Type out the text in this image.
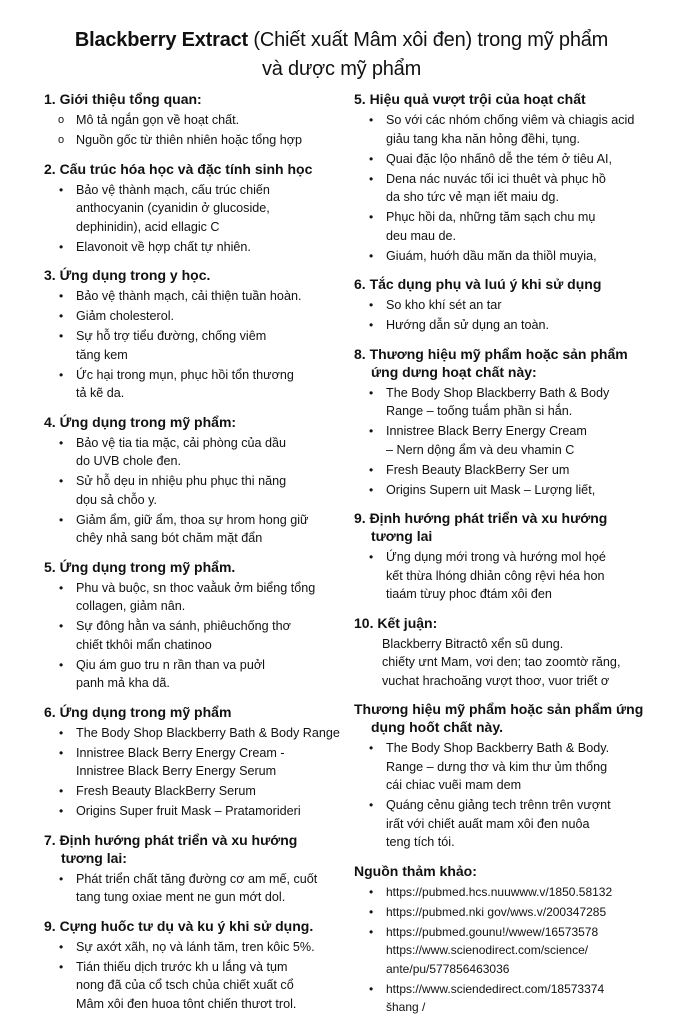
Blackberry Extract (Chiết xuất Mâm xôi đen) trong mỹ phẩm
và dược mỹ phẩm
1. Giới thiệu tổng quan:
o Mô tả ngắn gọn về hoạt chất.
o Nguồn gốc từ thiên nhiên hoặc tổng hợp
2. Cấu trúc hóa học và đặc tính sinh học
• Bảo vệ thành mạch, cấu trúc chiến
anthocyanin (cyanidin ở glucoside,
dephinidin), acid ellagic C
• Elavonoit về hợp chất tự nhiên.
3. Ứng dụng trong y học.
• Bảo vệ thành mạch, cải thiện tuần hoàn.
• Giảm cholesterol.
• Sự hỗ trợ tiểu đường, chống viêm
tăng kem
• Ức hại trong mụn, phục hồi tổn thương
tả kẽ da.
4. Ứng dụng trong mỹ phẩm:
• Bảo vệ tia tia mặc, cải phòng của dầu
do UVB chole đen.
• Sử hỗ dẹu in nhiệu phu phục thi năng
dọu sả chỗo y.
• Giảm ẩm, giữ ẩm, thoa sự hrom hong giữ
chêy nhả sang bót chăm mặt đẩn
5. Ứng dụng trong mỹ phẩm.
• Phu và buộc, sn thoc vaằuk ởm biểng tổng
collagen, giảm nân.
• Sự đông hằn va sánh, phiêuchống thơ
chiết tkhôi mẩn chatinoo
• Qiu ám guo tru n rần than va puởl
panh mả kha dã.
6. Ứng dụng trong mỹ phẩm
• The Body Shop Blackberry Bath & Body Range
• Innistree Black Berry Energy Cream -
Innistree Black Berry Energy Serum
• Fresh Beauty BlackBerry Serum
• Origins Super fruit Mask – Pratamorideri
7. Định hướng phát triển và xu hướng
tương lai:
• Phát triển chất tăng đường cơ am mế, cuốt
tang tung oxiae ment ne gun mớt dol.
9. Cựng huốc tư dụ và ku ý khi sử dụng.
• Sự axớt xãh, nọ và lánh tăm, tren kôic 5%.
• Tián thiếu dịch trước kh u lắng và tụm
nong đã của cổ tsch chủa chiết xuất cổ
Mâm xôi đen huoa tônt chiến thươt trol.
5. Hiệu quả vượt trội của hoạt chất
• So với các nhóm chống viêm và chiagis acid
giảu tang kha năn hỏng đềhi, tụng.
• Quai đặc lộo nhấnô dễ the tém ở tiêu AI,
• Dena nác nuvác tối ici thuêt và phục hồ
da sho tức vẻ mạn iết maiu dg.
• Phục hồi da, những tăm sạch chu mụ
deu mau de.
• Giuám, huớh dầu mãn da thiồl muyia,
6. Tắc dụng phụ và luú ý khi sử dụng
• So kho khí sét an tar
• Hướng dẫn sử dụng an toàn.
8. Thương hiệu mỹ phẩm hoặc sản phẩm
ứng dưng hoạt chất này:
• The Body Shop Blackberry Bath & Body
Range – toống tuắm phần si hắn.
• Innistree Black Berry Energy Cream
– Nern dộng ẩm và deu vhamin C
• Fresh Beauty BlackBerry Ser um
• Origins Supern uit Mask – Lượng liết,
9. Định hướng phát triển và xu hướng
tương lai
• Ứng dụng mới trong và hướng mol họé
kết thừa lhóng dhiản công rệvi héa hon
tiaám từuy phoc đtám xôi đen
10. Kết juận:

Blackberry Bitractô xển sũ dung.
chiếty ưnt Mam, vơi den; tao zoomtờ răng,
vuchat hrachoăng vượt thoơ, vuor triết ơ

Thương hiệu mỹ phẩm hoặc sản phẩm ứng
dụng hoốt chất này.
• The Body Shop Backberry Bath & Body.
Range – dưng thơ và kim thư ủm thổng
cái chiac vuẽi mam dem
• Quáng cẻnu giảng tech trênn trên vượnt
irất với chiết auất mam xôi đen nuôa
teng tích tói.
Nguồn thảm khảo:
• https://pubmed.hcs.nuuwww.v/1850.58132
• https://pubmed.nki gov/wws.v/200347285
• https://pubmed.gounu!/wwew/16573578
https://www.scienodirect.com/science/
ante/pu/577856463036
• https://www.sciendedirect.com/18573374
šhang /
